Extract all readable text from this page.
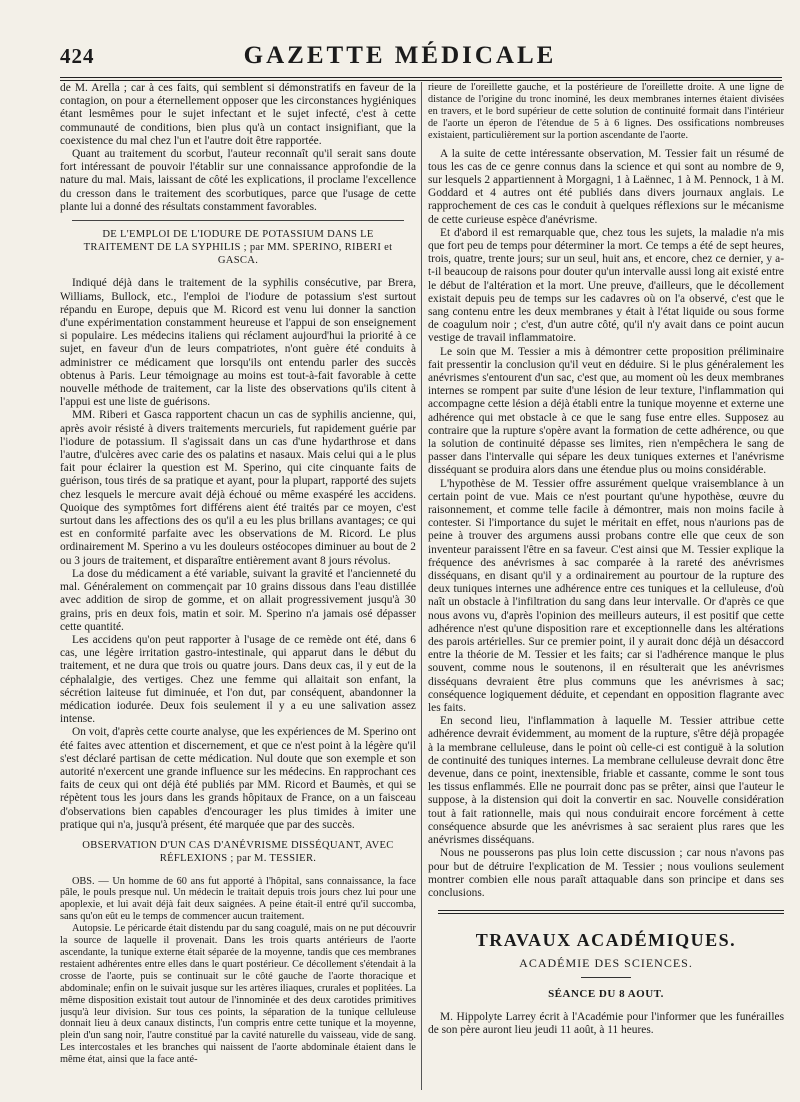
424	GAZETTE MÉDICALE

de M. Arella ; car à ces faits, qui semblent si démonstratifs en faveur de la contagion, on pour a éternellement opposer que les circonstances hygiéniques étant lesmêmes pour le sujet infectant et le sujet infecté, c'est à cette communauté de conditions, bien plus qu'à un contact insignifiant, que la coexistence du mal chez l'un et l'autre doit être rapportée.

Quant au traitement du scorbut, l'auteur reconnaît qu'il serait sans doute fort intéressant de pouvoir l'établir sur une connaissance approfondie de la nature du mal. Mais, laissant de côté les explications, il proclame l'excellence du cresson dans le traitement des scorbutiques, parce que l'usage de cette plante lui a donné des résultats constamment favorables.

DE L'EMPLOI DE L'IODURE DE POTASSIUM DANS LE TRAITEMENT DE LA SYPHILIS ; par MM. SPERINO, RIBERI et GASCA.

Indiqué déjà dans le traitement de la syphilis consécutive, par Brera, Williams, Bullock, etc., l'emploi de l'iodure de potassium s'est surtout répandu en Europe, depuis que M. Ricord est venu lui donner la sanction d'une expérimentation constamment heureuse et l'appui de son enseignement si populaire. Les médecins italiens qui réclament aujourd'hui la priorité à ce sujet, en faveur d'un de leurs compatriotes, n'ont guère été conduits à administrer ce médicament que lorsqu'ils ont entendu parler des succès obtenus à Paris. Leur témoignage au moins est tout-à-fait favorable à cette nouvelle méthode de traitement, car la liste des observations qu'ils citent à l'appui est une liste de guérisons.

MM. Riberi et Gasca rapportent chacun un cas de syphilis ancienne, qui, après avoir résisté à divers traitements mercuriels, fut rapidement guérie par l'iodure de potassium. Il s'agissait dans un cas d'une hydarthrose et dans l'autre, d'ulcères avec carie des os palatins et nasaux. Mais celui qui a le plus fait pour éclairer la question est M. Sperino, qui cite cinquante faits de guérison, tous tirés de sa pratique et ayant, pour la plupart, rapporté des sujets chez lesquels le mercure avait déjà échoué ou même exaspéré les accidens. Quoique des symptômes fort différens aient été traités par ce moyen, c'est surtout dans les affections des os qu'il a eu les plus brillans avantages; ce qui est en conformité parfaite avec les observations de M. Ricord. Le plus ordinairement M. Sperino a vu les douleurs ostéocopes diminuer au bout de 2 ou 3 jours de traitement, et disparaître entièrement avant 8 jours révolus.

La dose du médicament a été variable, suivant la gravité et l'ancienneté du mal. Généralement on commençait par 10 grains dissous dans l'eau distillée avec addition de sirop de gomme, et on allait progressivement jusqu'à 30 grains, pris en deux fois, matin et soir. M. Sperino n'a jamais osé dépasser cette quantité.

Les accidens qu'on peut rapporter à l'usage de ce remède ont été, dans 6 cas, une légère irritation gastro-intestinale, qui apparut dans le début du traitement, et ne dura que trois ou quatre jours. Dans deux cas, il y eut de la céphalalgie, des vertiges. Chez une femme qui allaitait son enfant, la sécrétion laiteuse fut diminuée, et l'on dut, par conséquent, abandonner la médication iodurée. Deux fois seulement il y a eu une salivation assez intense.

On voit, d'après cette courte analyse, que les expériences de M. Sperino ont été faites avec attention et discernement, et que ce n'est point à la légère qu'il s'est déclaré partisan de cette médication. Nul doute que son exemple et son autorité n'exercent une grande influence sur les médecins. En rapprochant ces faits de ceux qui ont déjà été publiés par MM. Ricord et Baumès, et qui se répètent tous les jours dans les grands hôpitaux de France, on a un faisceau d'observations bien capables d'encourager les plus timides à imiter une pratique qui n'a, jusqu'à présent, été marquée que par des succès.

OBSERVATION D'UN CAS D'ANÉVRISME DISSÉQUANT, AVEC RÉFLEXIONS ; par M. TESSIER.

OBS. — Un homme de 60 ans fut apporté à l'hôpital, sans connaissance, la face pâle, le pouls presque nul. Un médecin le traitait depuis trois jours chez lui pour une apoplexie, et lui avait déjà fait deux saignées. A peine était-il entré qu'il succomba, sans qu'on eût eu le temps de commencer aucun traitement.

Autopsie. Le péricarde était distendu par du sang coagulé, mais on ne put découvrir la source de laquelle il provenait. Dans les trois quarts antérieurs de l'aorte ascendante, la tunique externe était séparée de la moyenne, tandis que ces membranes restaient adhérentes entre elles dans le quart postérieur. Ce décollement s'étendait à la crosse de l'aorte, puis se continuait sur le côté gauche de l'aorte thoracique et abdominale; enfin on le suivait jusque sur les artères iliaques, crurales et poplitées. La même disposition existait tout autour de l'innominée et des deux carotides primitives jusqu'à leur division. Sur tous ces points, la séparation de la tunique celluleuse donnait lieu à deux canaux distincts, l'un compris entre cette tunique et la moyenne, plein d'un sang noir, l'autre constitué par la cavité naturelle du vaisseau, vide de sang. Les intercostales et les branches qui naissent de l'aorte abdominale étaient dans le même état, ainsi que la face anté-

rieure de l'oreillette gauche, et la postérieure de l'oreillette droite. A une ligne de distance de l'origine du tronc inominé, les deux membranes internes étaient divisées en travers, et le bord supérieur de cette solution de continuité formait dans l'intérieur de l'aorte un éperon de l'étendue de 5 à 6 lignes. Des ossifications nombreuses existaient, particulièrement sur la portion ascendante de l'aorte.

A la suite de cette intéressante observation, M. Tessier fait un résumé de tous les cas de ce genre connus dans la science et qui sont au nombre de 9, sur lesquels 2 appartiennent à Morgagni, 1 à Laënnec, 1 à M. Pennock, 1 à M. Goddard et 4 autres ont été publiés dans divers journaux anglais. Le rapprochement de ces cas le conduit à quelques réflexions sur le mécanisme de cette curieuse espèce d'anévrisme.

Et d'abord il est remarquable que, chez tous les sujets, la maladie n'a mis que fort peu de temps pour déterminer la mort. Ce temps a été de sept heures, trois, quatre, trente jours; sur un seul, huit ans, et encore, chez ce dernier, y a-t-il beaucoup de raisons pour douter qu'un intervalle aussi long ait existé entre le début de l'altération et la mort. Une preuve, d'ailleurs, que le décollement existait depuis peu de temps sur les cadavres où on l'a observé, c'est que le sang contenu entre les deux membranes y était à l'état liquide ou sous forme de coagulum noir ; c'est, d'un autre côté, qu'il n'y avait dans ce point aucun vestige de travail inflammatoire.

Le soin que M. Tessier a mis à démontrer cette proposition préliminaire fait pressentir la conclusion qu'il veut en déduire. Si le plus généralement les anévrismes s'entourent d'un sac, c'est que, au moment où les deux membranes internes se rompent par suite d'une lésion de leur texture, l'inflammation qui accompagne cette lésion a déjà établi entre la tunique moyenne et externe une adhérence qui met obstacle à ce que le sang fuse entre elles. Supposez au contraire que la rupture s'opère avant la formation de cette adhérence, ou que la solution de continuité dépasse ses limites, rien n'empêchera le sang de passer dans l'intervalle qui sépare les deux tuniques externes et l'anévrisme disséquant se produira alors dans une étendue plus ou moins considérable.

L'hypothèse de M. Tessier offre assurément quelque vraisemblance à un certain point de vue. Mais ce n'est pourtant qu'une hypothèse, œuvre du raisonnement, et comme telle facile à démontrer, mais non moins facile à contester. Si l'importance du sujet le méritait en effet, nous n'aurions pas de peine à trouver des argumens aussi probans contre elle que ceux de son inventeur paraissent l'être en sa faveur. C'est ainsi que M. Tessier explique la fréquence des anévrismes à sac comparée à la rareté des anévrismes disséquans, en disant qu'il y a ordinairement au pourtour de la rupture des deux tuniques internes une adhérence entre ces tuniques et la celluleuse, d'où naît un obstacle à l'infiltration du sang dans leur intervalle. Or d'après ce que nous avons vu, d'après l'opinion des meilleurs auteurs, il est positif que cette adhérence n'est qu'une disposition rare et exceptionnelle dans les altérations des parois artérielles. Sur ce premier point, il y aurait donc déjà un désaccord entre la théorie de M. Tessier et les faits; car si l'adhérence manque le plus souvent, comme nous le soutenons, il en résulterait que les anévrismes disséquans devraient être plus communs que les anévrismes à sac; conséquence logiquement déduite, et cependant en opposition flagrante avec les faits.

En second lieu, l'inflammation à laquelle M. Tessier attribue cette adhérence devrait évidemment, au moment de la rupture, s'être déjà propagée à la membrane celluleuse, dans le point où celle-ci est contiguë à la solution de continuité des tuniques internes. La membrane celluleuse devrait donc être devenue, dans ce point, inextensible, friable et cassante, comme le sont tous les tissus enflammés. Elle ne pourrait donc pas se prêter, ainsi que l'auteur le suppose, à la distension qui doit la convertir en sac. Nouvelle considération tout à fait rationnelle, mais qui nous conduirait encore forcément à cette conséquence absurde que les anévrismes à sac seraient plus rares que les anévrismes disséquans.

Nous ne pousserons pas plus loin cette discussion ; car nous n'avons pas pour but de détruire l'explication de M. Tessier ; nous voulions seulement montrer combien elle nous paraît attaquable dans son principe et dans ses conclusions.

TRAVAUX ACADÉMIQUES.
ACADÉMIE DES SCIENCES.
SÉANCE DU 8 AOUT.

M. Hippolyte Larrey écrit à l'Académie pour l'informer que les funérailles de son père auront lieu jeudi 11 août, à 11 heures.
